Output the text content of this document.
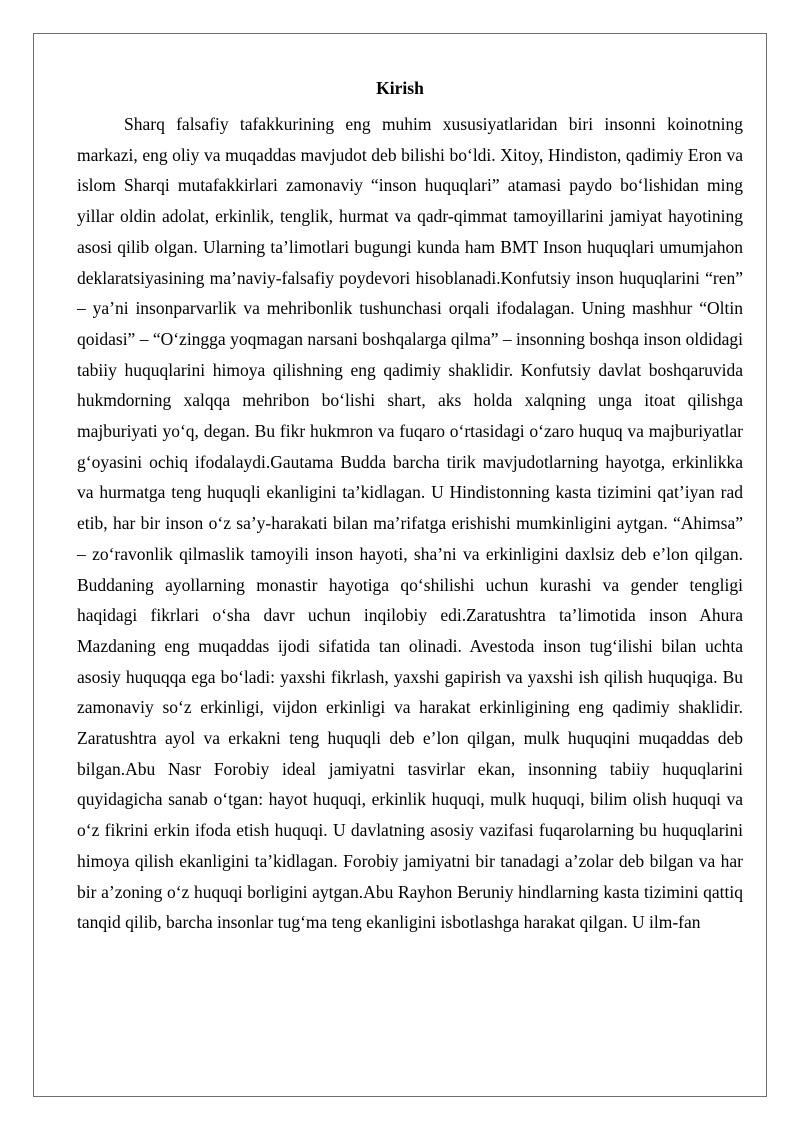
Kirish

Sharq falsafiy tafakkurining eng muhim xususiyatlaridan biri insonni koinotning markazi, eng oliy va muqaddas mavjudot deb bilishi boʻldi. Xitoy, Hindiston, qadimiy Eron va islom Sharqi mutafakkirlari zamonaviy “inson huquqlari” atamasi paydo boʻlishidan ming yillar oldin adolat, erkinlik, tenglik, hurmat va qadr-qimmat tamoyillarini jamiyat hayotining asosi qilib olgan. Ularning taʼlimotlari bugungi kunda ham BMT Inson huquqlari umumjahon deklaratsiyasining maʼnaviy-falsafiy poydevori hisoblanadi.Konfutsiy inson huquqlarini “ren” – yaʼni insonparvarlik va mehribonlik tushunchasi orqali ifodalagan. Uning mashhur “Oltin qoidasi” – “Oʻzingga yoqmagan narsani boshqalarga qilma” – insonning boshqa inson oldidagi tabiiy huquqlarini himoya qilishning eng qadimiy shaklidir. Konfutsiy davlat boshqaruvida hukmdorning xalqqa mehribon boʻlishi shart, aks holda xalqning unga itoat qilishga majburiyati yoʻq, degan. Bu fikr hukmron va fuqaro oʻrtasidagi oʻzaro huquq va majburiyatlar gʻoyasini ochiq ifodalaydi.Gautama Budda barcha tirik mavjudotlarning hayotga, erkinlikka va hurmatga teng huquqli ekanligini taʼkidlagan. U Hindistonning kasta tizimini qatʼiyan rad etib, har bir inson oʻz saʼy-harakati bilan maʼrifatga erishishi mumkinligini aytgan. “Ahimsa” – zoʻravonlik qilmaslik tamoyili inson hayoti, shaʼni va erkinligini daxlsiz deb eʼlon qilgan. Buddaning ayollarning monastir hayotiga qoʻshilishi uchun kurashi va gender tengligi haqidagi fikrlari oʻsha davr uchun inqilobiy edi.Zaratushtra taʼlimotida inson Ahura Mazdaning eng muqaddas ijodi sifatida tan olinadi. Avestoda inson tugʻilishi bilan uchta asosiy huquqqa ega boʻladi: yaxshi fikrlash, yaxshi gapirish va yaxshi ish qilish huquqiga. Bu zamonaviy soʻz erkinligi, vijdon erkinligi va harakat erkinligining eng qadimiy shaklidir. Zaratushtra ayol va erkakni teng huquqli deb eʼlon qilgan, mulk huquqini muqaddas deb bilgan.Abu Nasr Forobiy ideal jamiyatni tasvirlar ekan, insonning tabiiy huquqlarini quyidagicha sanab oʻtgan: hayot huquqi, erkinlik huquqi, mulk huquqi, bilim olish huquqi va oʻz fikrini erkin ifoda etish huquqi. U davlatning asosiy vazifasi fuqarolarning bu huquqlarini himoya qilish ekanligini taʼkidlagan. Forobiy jamiyatni bir tanadagi aʼzolar deb bilgan va har bir aʼzoning oʻz huquqi borligini aytgan.Abu Rayhon Beruniy hindlarning kasta tizimini qattiq tanqid qilib, barcha insonlar tugʻma teng ekanligini isbotlashga harakat qilgan. U ilm-fan
